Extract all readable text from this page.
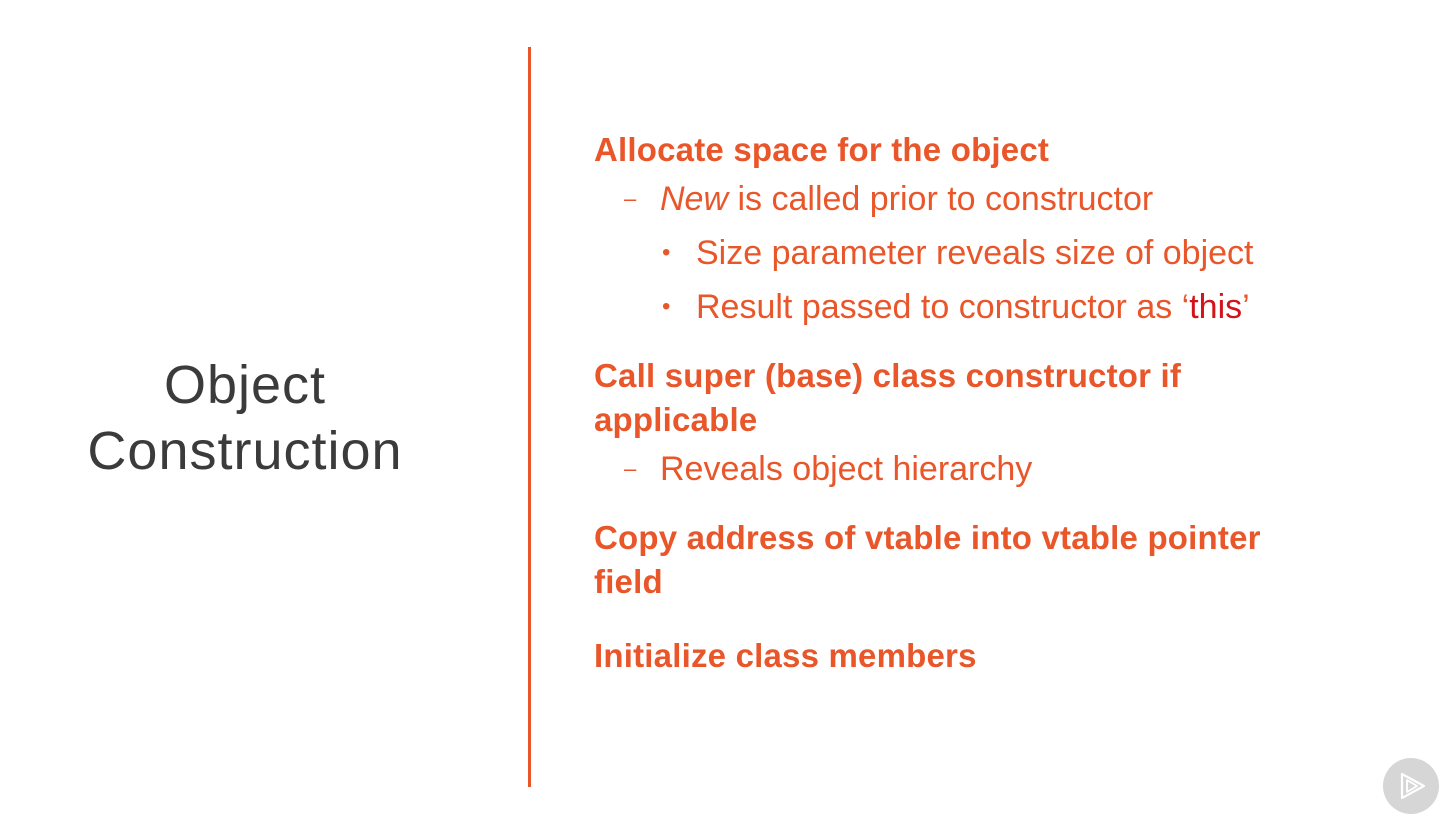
Object
Construction
Allocate space for the object
– New is called prior to constructor
• Size parameter reveals size of object
• Result passed to constructor as ‘this’
Call super (base) class constructor if
applicable
– Reveals object hierarchy
Copy address of vtable into vtable pointer
field
Initialize class members
